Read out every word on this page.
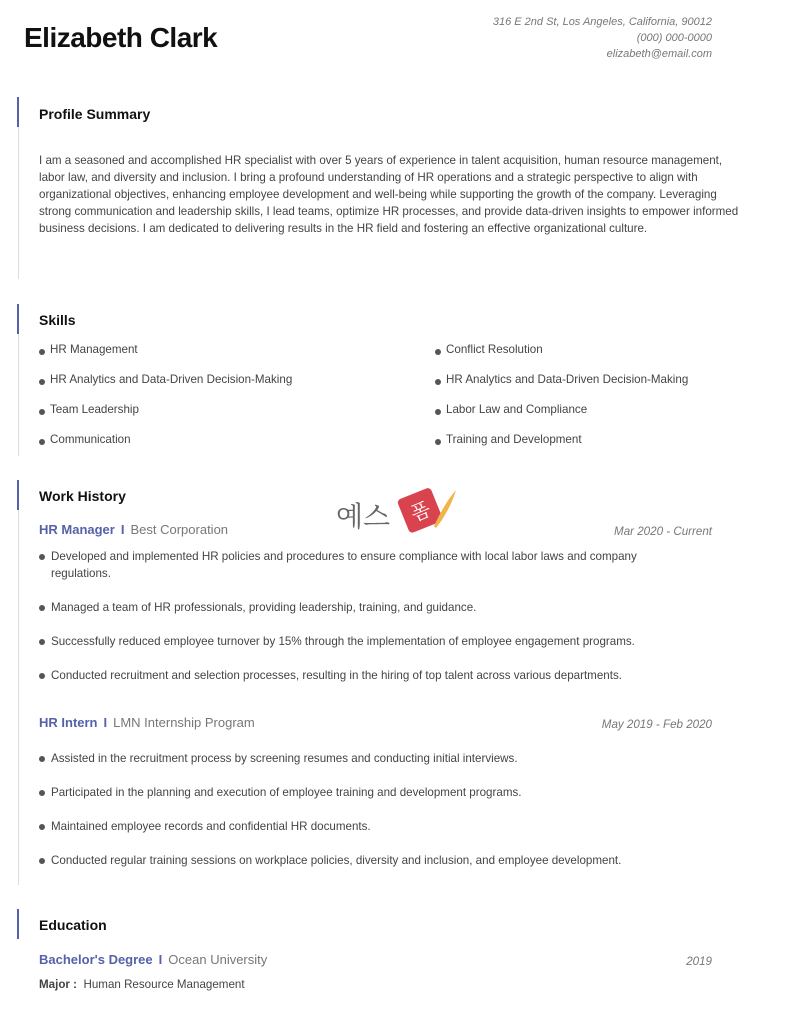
Elizabeth Clark	316 E 2nd St, Los Angeles, California, 90012
(000) 000-0000
elizabeth@email.com
Profile Summary
I am a seasoned and accomplished HR specialist with over 5 years of experience in talent acquisition, human resource management, labor law, and diversity and inclusion. I bring a profound understanding of HR operations and a strategic perspective to align with organizational objectives, enhancing employee development and well-being while supporting the growth of the company. Leveraging strong communication and leadership skills, I lead teams, optimize HR processes, and provide data-driven insights to empower informed business decisions. I am dedicated to delivering results in the HR field and fostering an effective organizational culture.
Skills
HR Management	Conflict Resolution
HR Analytics and Data-Driven Decision-Making	HR Analytics and Data-Driven Decision-Making
Team Leadership	Labor Law and Compliance
Communication	Training and Development
Work History
HR Manager I Best Corporation	Mar 2020 - Current
Developed and implemented HR policies and procedures to ensure compliance with local labor laws and company regulations.
Managed a team of HR professionals, providing leadership, training, and guidance.
Successfully reduced employee turnover by 15% through the implementation of employee engagement programs.
Conducted recruitment and selection processes, resulting in the hiring of top talent across various departments.
HR Intern I LMN Internship Program	May 2019 - Feb 2020
Assisted in the recruitment process by screening resumes and conducting initial interviews.
Participated in the planning and execution of employee training and development programs.
Maintained employee records and confidential HR documents.
Conducted regular training sessions on workplace policies, diversity and inclusion, and employee development.
Education
Bachelor's Degree I Ocean University	2019
Major : Human Resource Management
예스 폼
